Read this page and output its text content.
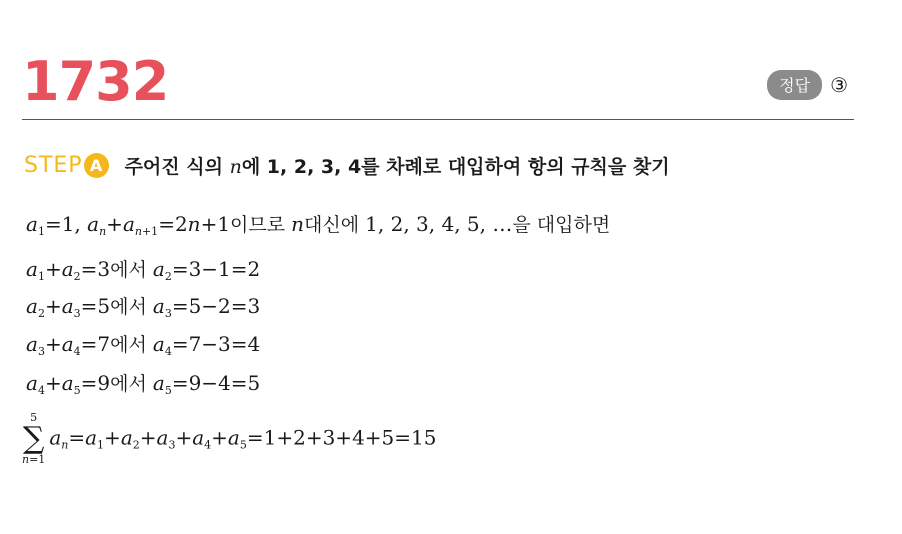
1732	정답	③
STEP A	주어진 식의 n에 1, 2, 3, 4를 차례로 대입하여 항의 규칙을 찾기
$a_1=1$, $a_n+a_{n+1}=2n+1$이므로 n대신에 1, 2, 3, 4, 5, …을 대입하면
$a_1+a_2=3$에서 $a_2=3-1=2$
$a_2+a_3=5$에서 $a_3=5-2=3$
$a_3+a_4=7$에서 $a_4=7-3=4$
$a_4+a_5=9$에서 $a_5=9-4=5$
5
∑
n=1
$a_n=a_1+a_2+a_3+a_4+a_5=1+2+3+4+5=15$
